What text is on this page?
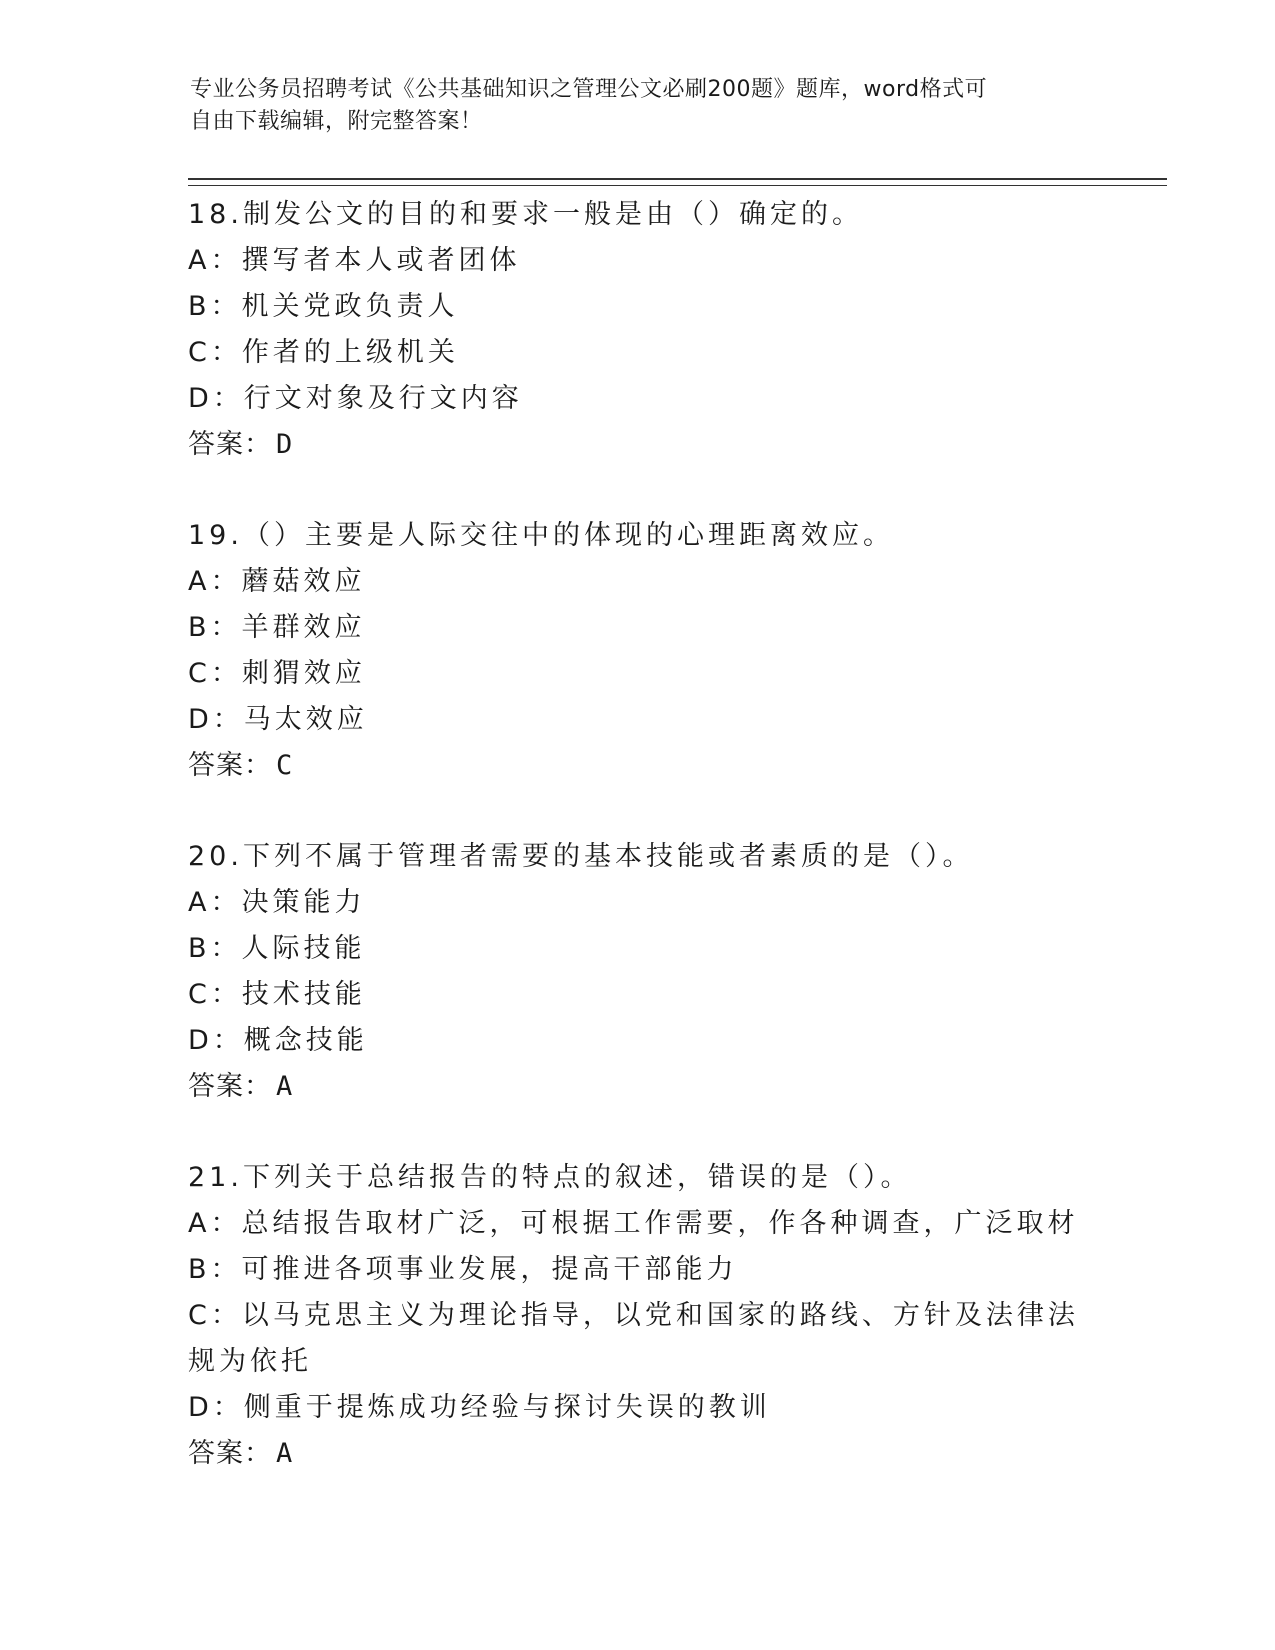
专业公务员招聘考试《公共基础知识之管理公文必刷200题》题库，word格式可
自由下载编辑，附完整答案！
18.制发公文的目的和要求一般是由（）确定的。
A：撰写者本人或者团体
B：机关党政负责人
C：作者的上级机关
D：行文对象及行文内容
答案： D
19.（）主要是人际交往中的体现的心理距离效应。
A：蘑菇效应
B：羊群效应
C：刺猬效应
D：马太效应
答案： C
20.下列不属于管理者需要的基本技能或者素质的是（）。
A：决策能力
B：人际技能
C：技术技能
D：概念技能
答案： A
21.下列关于总结报告的特点的叙述，错误的是（）。
A：总结报告取材广泛，可根据工作需要，作各种调查，广泛取材
B：可推进各项事业发展，提高干部能力
C：以马克思主义为理论指导，以党和国家的路线、方针及法律法规为依托
D：侧重于提炼成功经验与探讨失误的教训
答案： A
